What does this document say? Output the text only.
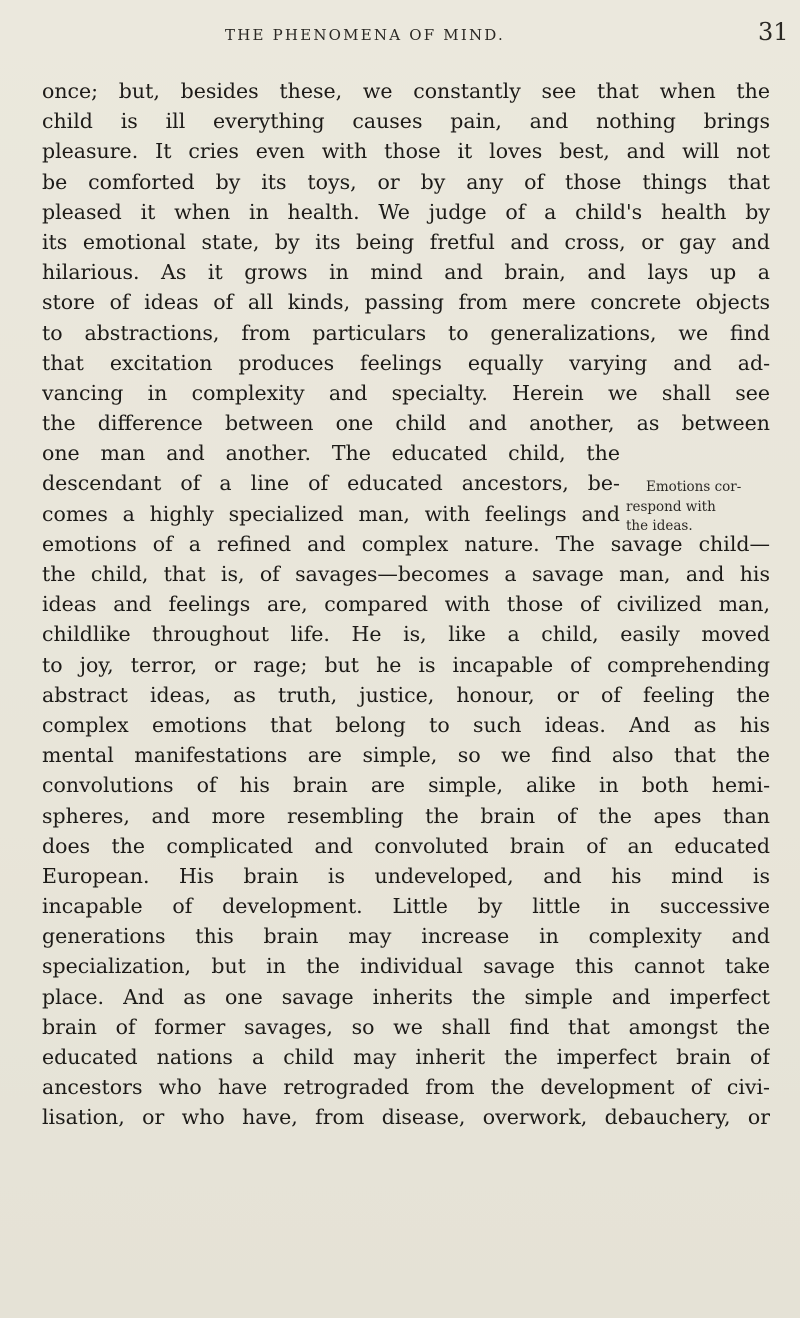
THE PHENOMENA OF MIND.	31
once; but, besides these, we constantly see that when the
child is ill everything causes pain, and nothing brings
pleasure. It cries even with those it loves best, and will not
be comforted by its toys, or by any of those things that
pleased it when in health. We judge of a child's health by
its emotional state, by its being fretful and cross, or gay and
hilarious. As it grows in mind and brain, and lays up a
store of ideas of all kinds, passing from mere concrete objects
to abstractions, from particulars to generalizations, we find
that excitation produces feelings equally varying and ad-
vancing in complexity and specialty. Herein we shall see
the difference between one child and another, as between
one man and another. The educated child, the
descendant of a line of educated ancestors, be-
comes a highly specialized man, with feelings and
emotions of a refined and complex nature. The savage child—
the child, that is, of savages—becomes a savage man, and his
ideas and feelings are, compared with those of civilized man,
childlike throughout life. He is, like a child, easily moved
to joy, terror, or rage; but he is incapable of comprehending
abstract ideas, as truth, justice, honour, or of feeling the
complex emotions that belong to such ideas. And as his
mental manifestations are simple, so we find also that the
convolutions of his brain are simple, alike in both hemi-
spheres, and more resembling the brain of the apes than
does the complicated and convoluted brain of an educated
European. His brain is undeveloped, and his mind is
incapable of development. Little by little in successive
generations this brain may increase in complexity and
specialization, but in the individual savage this cannot take
place. And as one savage inherits the simple and imperfect
brain of former savages, so we shall find that amongst the
educated nations a child may inherit the imperfect brain of
ancestors who have retrograded from the development of civi-
lisation, or who have, from disease, overwork, debauchery, or
Emotions cor-
respond with
the ideas.
